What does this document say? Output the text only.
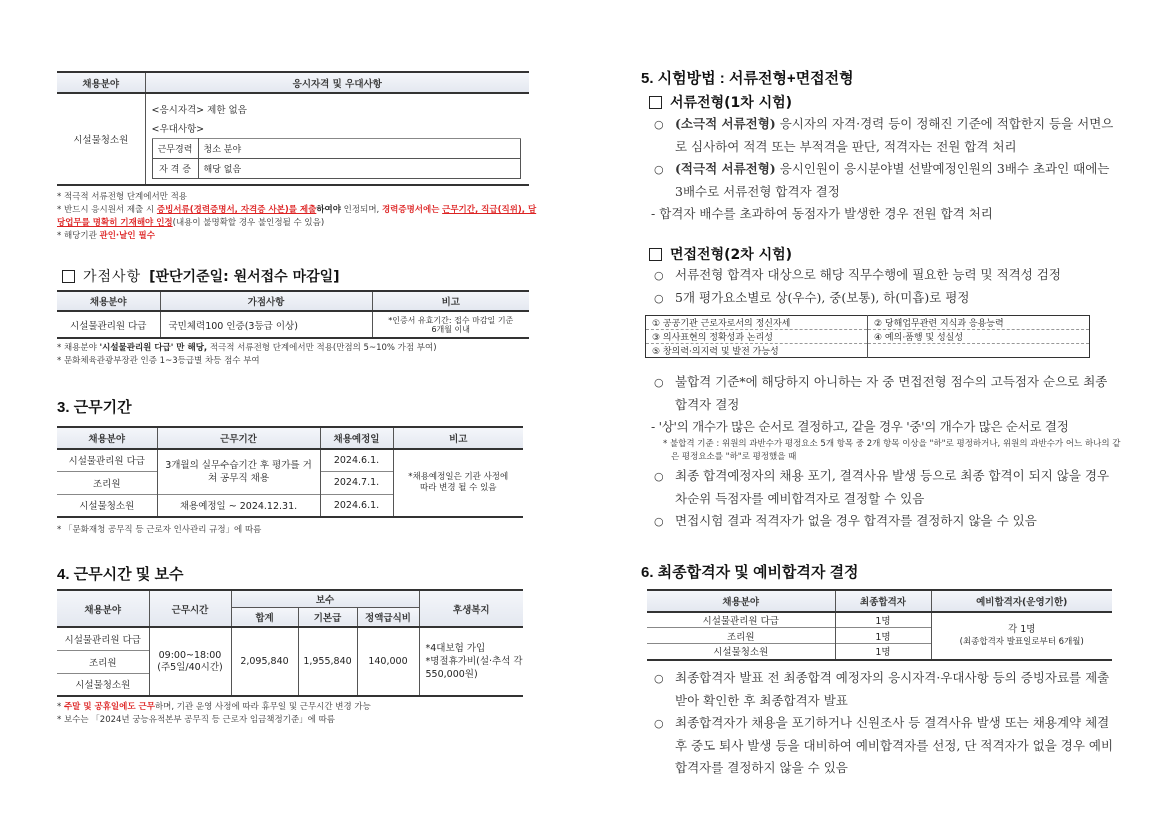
채용분야	응시자격 및 우대사항
시설물청소원	
<응시자격> 제한 없음
<우대사항>
근무경력	청소 분야
자 격 증	해당 없음
* 적극적 서류전형 단계에서만 적용
* 반드시 응시원서 제출 시 증빙서류(경력증명서, 자격증 사본)를 제출하여야 인정되며, 경력증명서에는 근무기간, 직급(직위), 담당업무를 명확히 기재해야 인정(내용이 불명확할 경우 불인정될 수 있음)
* 해당기관 관인·날인 필수
가점사항 [판단기준일: 원서접수 마감일]
채용분야	가점사항	비고
시설물관리원 다급	국민체력100 인증(3등급 이상)	*인증서 유효기간: 접수 마감일 기준 6개월 이내
* 채용분야 '시설물관리원 다급' 만 해당, 적극적 서류전형 단계에서만 적용(만점의 5~10% 가점 부여)
* 문화체육관광부장관 인증 1~3등급별 차등 점수 부여
3. 근무기간
채용분야	근무기간	채용예정일	비고
시설물관리원 다급	3개월의 실무수습기간 후 평가를 거쳐 공무직 채용	2024.6.1.	*채용예정일은 기관 사정에 따라 변경 될 수 있음
조리원		2024.7.1.	
시설물청소원	채용예정일 ~ 2024.12.31.	2024.6.1.	
* 「문화재청 공무직 등 근로자 인사관리 규정」에 따름
4. 근무시간 및 보수
채용분야	근무시간	보수			후생복지
		합계	기본급	정액급식비	
시설물관리원 다급	09:00~18:00 (주5일/40시간)	2,095,840	1,955,840	140,000	*4대보험 가입
*명절휴가비(설·추석 각 550,000원)

조리원					
시설물청소원					
* 주말 및 공휴일에도 근무하며, 기관 운영 사정에 따라 휴무일 및 근무시간 변경 가능
* 보수는 「2024년 궁능유적본부 공무직 등 근로자 임금책정기준」에 따름
5. 시험방법 : 서류전형+면접전형
서류전형(1차 시험)
○ (소극적 서류전형) 응시자의 자격·경력 등이 정해진 기준에 적합한지 등을 서면으로 심사하여 적격 또는 부적격을 판단, 적격자는 전원 합격 처리
○ (적극적 서류전형) 응시인원이 응시분야별 선발예정인원의 3배수 초과인 때에는 3배수로 서류전형 합격자 결정
- 합격자 배수를 초과하여 동점자가 발생한 경우 전원 합격 처리
면접전형(2차 시험)
○ 서류전형 합격자 대상으로 해당 직무수행에 필요한 능력 및 적격성 검정
○ 5개 평가요소별로 상(우수), 중(보통), 하(미흡)로 평정
① 공공기관 근로자로서의 정신자세	② 당해업무관련 지식과 응용능력
③ 의사표현의 정확성과 논리성	④ 예의·품행 및 성실성
⑤ 창의력·의지력 및 발전 가능성	
○ 불합격 기준*에 해당하지 아니하는 자 중 면접전형 점수의 고득점자 순으로 최종 합격자 결정
- '상'의 개수가 많은 순서로 결정하고, 같을 경우 '중'의 개수가 많은 순서로 결정
* 불합격 기준 : 위원의 과반수가 평정요소 5개 항목 중 2개 항목 이상을 "하"로 평정하거나, 위원의 과반수가 어느 하나의 같은 평정요소를 "하"로 평정했을 때
○ 최종 합격예정자의 채용 포기, 결격사유 발생 등으로 최종 합격이 되지 않을 경우 차순위 득점자를 예비합격자로 결정할 수 있음
○ 면접시험 결과 적격자가 없을 경우 합격자를 결정하지 않을 수 있음
6. 최종합격자 및 예비합격자 결정
채용분야	최종합격자	예비합격자(운영기한)
시설물관리원 다급	1명	각 1명
(최종합격자 발표일로부터 6개월)

조리원	1명	
시설물청소원	1명	
○ 최종합격자 발표 전 최종합격 예정자의 응시자격·우대사항 등의 증빙자료를 제출받아 확인한 후 최종합격자 발표
○ 최종합격자가 채용을 포기하거나 신원조사 등 결격사유 발생 또는 채용계약 체결 후 중도 퇴사 발생 등을 대비하여 예비합격자를 선정, 단 적격자가 없을 경우 예비합격자를 결정하지 않을 수 있음
